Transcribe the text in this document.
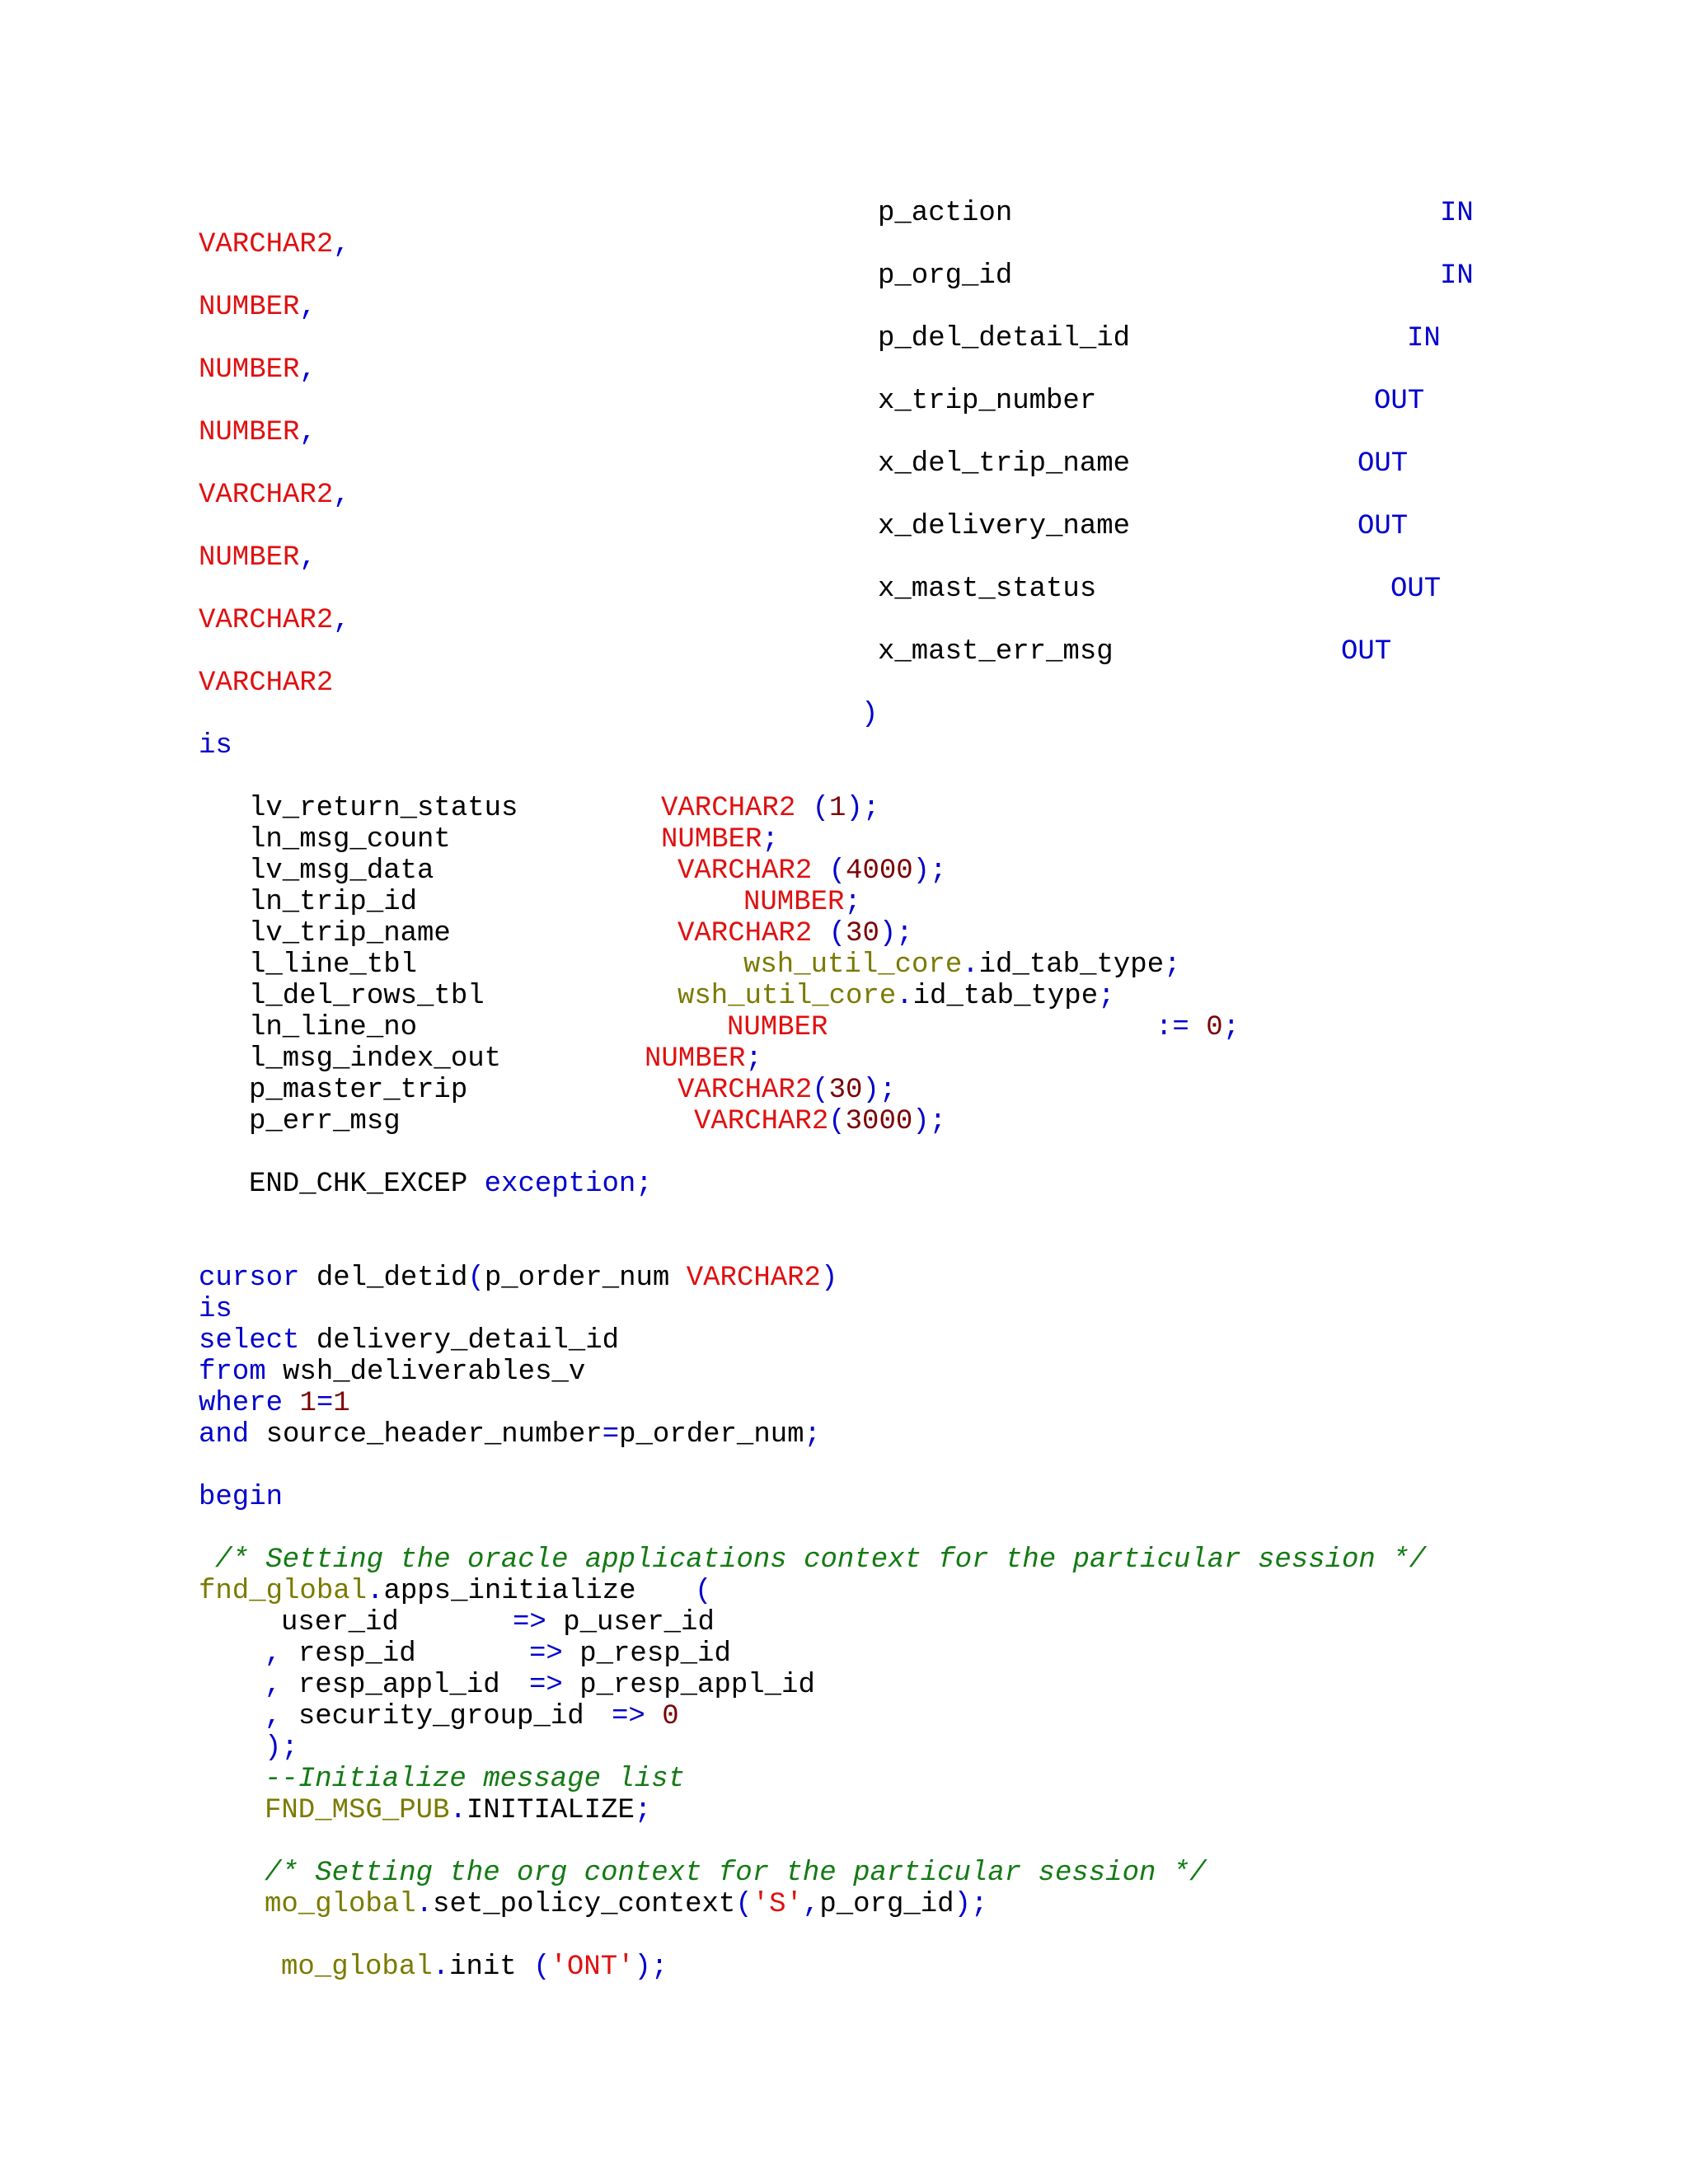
p_action	IN
VARCHAR2,
p_org_id	IN
NUMBER,
p_del_detail_id	IN
NUMBER,
x_trip_number	OUT
NUMBER,
x_del_trip_name	OUT
VARCHAR2,
x_delivery_name	OUT
NUMBER,
x_mast_status	OUT
VARCHAR2,
x_mast_err_msg	OUT
VARCHAR2
)
is
lv_return_status	VARCHAR2 (1);
ln_msg_count	NUMBER;
lv_msg_data	VARCHAR2 (4000);
ln_trip_id	NUMBER;
lv_trip_name	VARCHAR2 (30);
l_line_tbl	wsh_util_core.id_tab_type;
l_del_rows_tbl	wsh_util_core.id_tab_type;
ln_line_no	NUMBER	:= 0;
l_msg_index_out	NUMBER;
p_master_trip	VARCHAR2(30);
p_err_msg	VARCHAR2(3000);
END_CHK_EXCEP exception;
cursor del_detid(p_order_num VARCHAR2)
is
select delivery_detail_id
from wsh_deliverables_v
where 1=1
and source_header_number=p_order_num;
begin
/* Setting the oracle applications context for the particular session */
fnd_global.apps_initialize (
user_id	=> p_user_id
, resp_id	=> p_resp_id
, resp_appl_id => p_resp_appl_id
, security_group_id => 0
);
--Initialize message list
FND_MSG_PUB.INITIALIZE;
/* Setting the org context for the particular session */
mo_global.set_policy_context('S',p_org_id);
mo_global.init ('ONT');
